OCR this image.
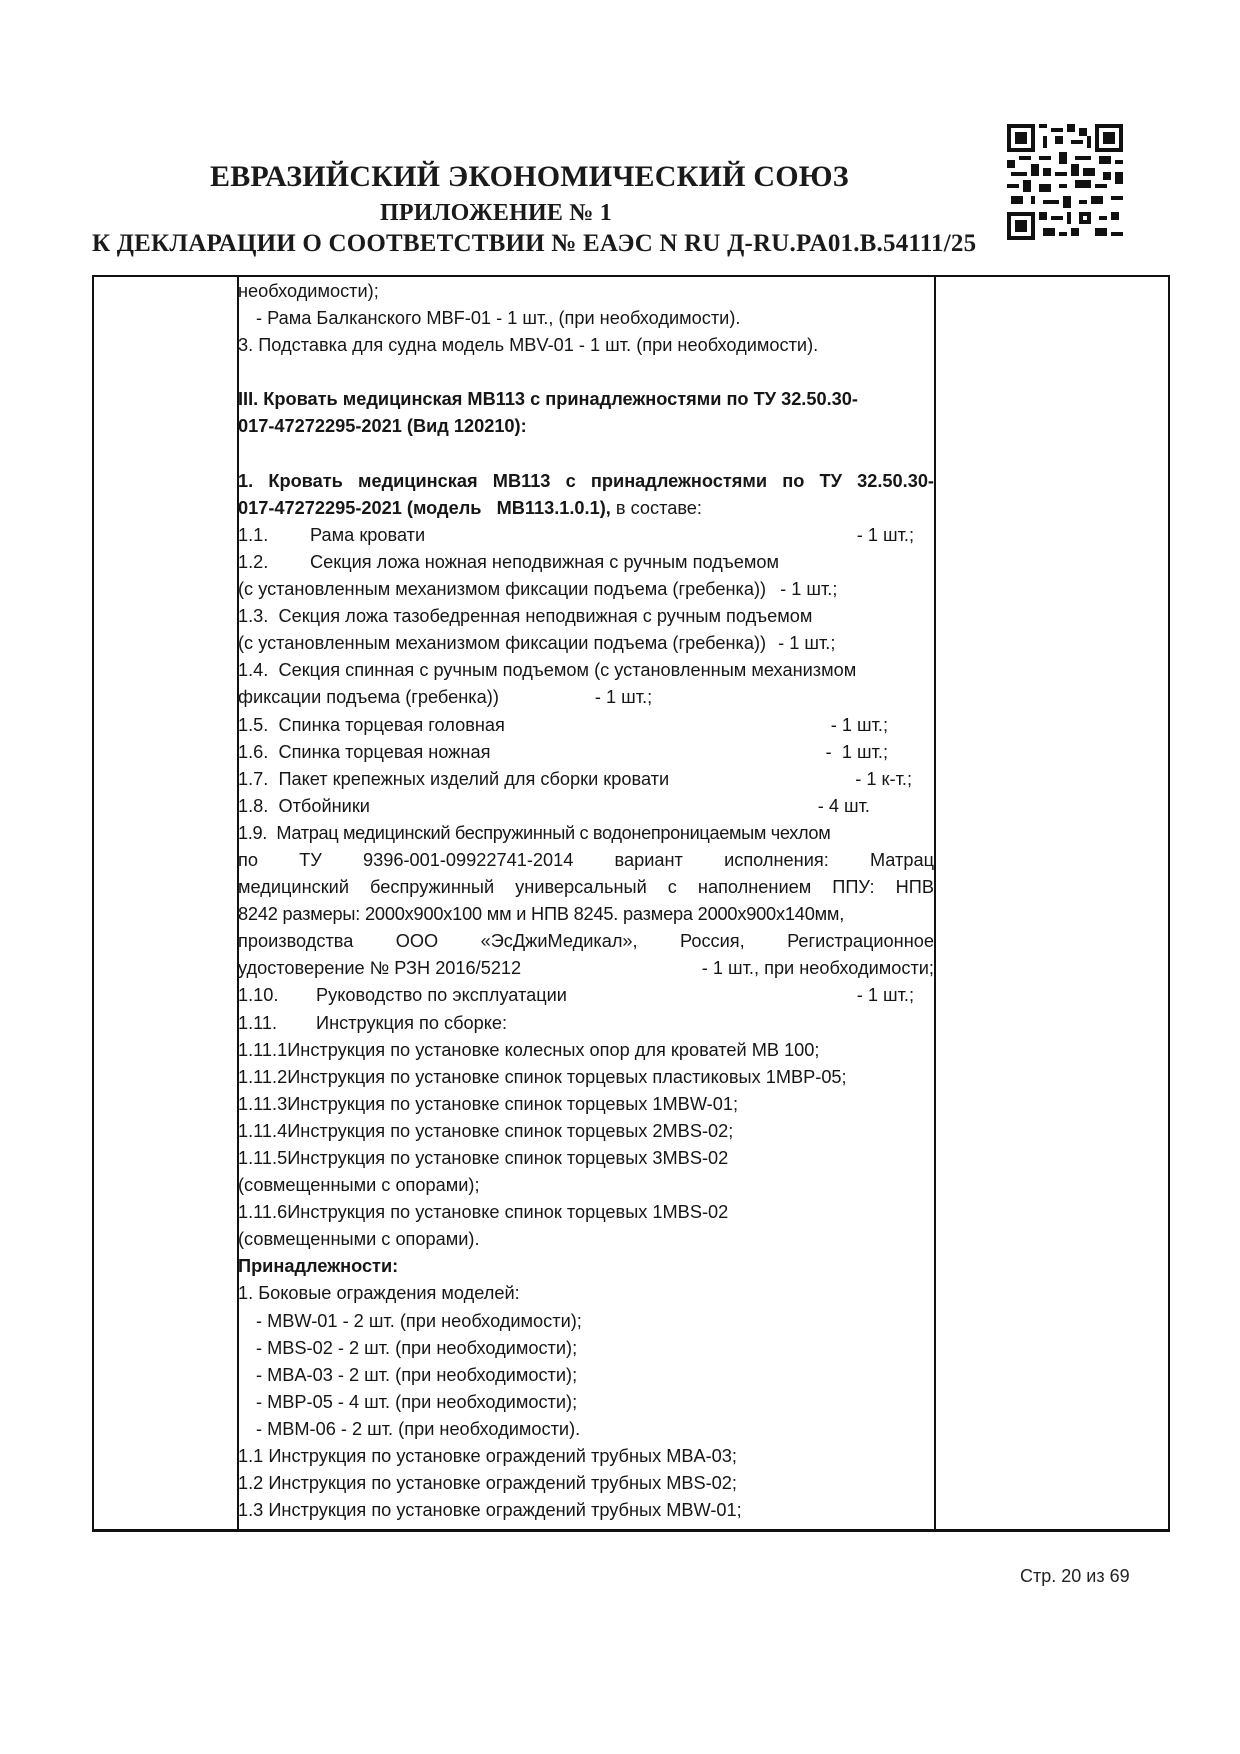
ЕВРАЗИЙСКИЙ ЭКОНОМИЧЕСКИЙ СОЮЗ
ПРИЛОЖЕНИЕ № 1
К ДЕКЛАРАЦИИ О СООТВЕТСТВИИ № ЕАЭС N RU Д-RU.PA01.B.54111/25
необходимости);
- Рама Балканского MBF-01 - 1 шт., (при необходимости).
3. Подставка для судна модель MBV-01 - 1 шт. (при необходимости).
III. Кровать медицинская МВ113 с принадлежностями по ТУ 32.50.30-
017-47272295-2021 (Вид 120210):
1. Кровать медицинская МВ113 с принадлежностями по ТУ 32.50.30-
017-47272295-2021 (модель   МВ113.1.0.1), в составе:
1.1. Рама кровати	- 1 шт.;
1.2. Секция ложа ножная неподвижная с ручным подъемом
(с установленным механизмом фиксации подъема (гребенка)) - 1 шт.;
1.3.  Секция ложа тазобедренная неподвижная с ручным подъемом
(с установленным механизмом фиксации подъема (гребенка)) - 1 шт.;
1.4.  Секция спинная с ручным подъемом (с установленным механизмом
фиксации подъема (гребенка))	- 1 шт.;
1.5.  Спинка торцевая головная	- 1 шт.;
1.6.  Спинка торцевая ножная	-  1 шт.;
1.7.  Пакет крепежных изделий для сборки кровати	- 1 к-т.;
1.8.  Отбойники	- 4 шт.
1.9.  Матрац медицинский беспружинный с водонепроницаемым чехлом
по ТУ 9396-001-09922741-2014 вариант исполнения: Матрац
медицинский беспружинный универсальный с наполнением ППУ: НПВ
8242 размеры: 2000х900х100 мм и НПВ 8245. размера 2000х900х140мм,
производства ООО «ЭсДжиМедикал», Россия, Регистрационное
удостоверение № РЗН 2016/5212	- 1 шт., при необходимости;
1.10. Руководство по эксплуатации	- 1 шт.;
1.11. Инструкция по сборке:
1.11.1Инструкция по установке колесных опор для кроватей МВ 100;
1.11.2Инструкция по установке спинок торцевых пластиковых 1MBP-05;
1.11.3Инструкция по установке спинок торцевых 1MBW-01;
1.11.4Инструкция по установке спинок торцевых 2MBS-02;
1.11.5Инструкция по установке спинок торцевых 3MBS-02
(совмещенными с опорами);
1.11.6Инструкция по установке спинок торцевых 1MBS-02
(совмещенными с опорами).
Принадлежности:
1. Боковые ограждения моделей:
- MBW-01 - 2 шт. (при необходимости);
- MBS-02 - 2 шт. (при необходимости);
- MBA-03 - 2 шт. (при необходимости);
- MBP-05 - 4 шт. (при необходимости);
- MBM-06 - 2 шт. (при необходимости).
1.1 Инструкция по установке ограждений трубных MBA-03;
1.2 Инструкция по установке ограждений трубных MBS-02;
1.3 Инструкция по установке ограждений трубных MBW-01;
Стр. 20 из 69
